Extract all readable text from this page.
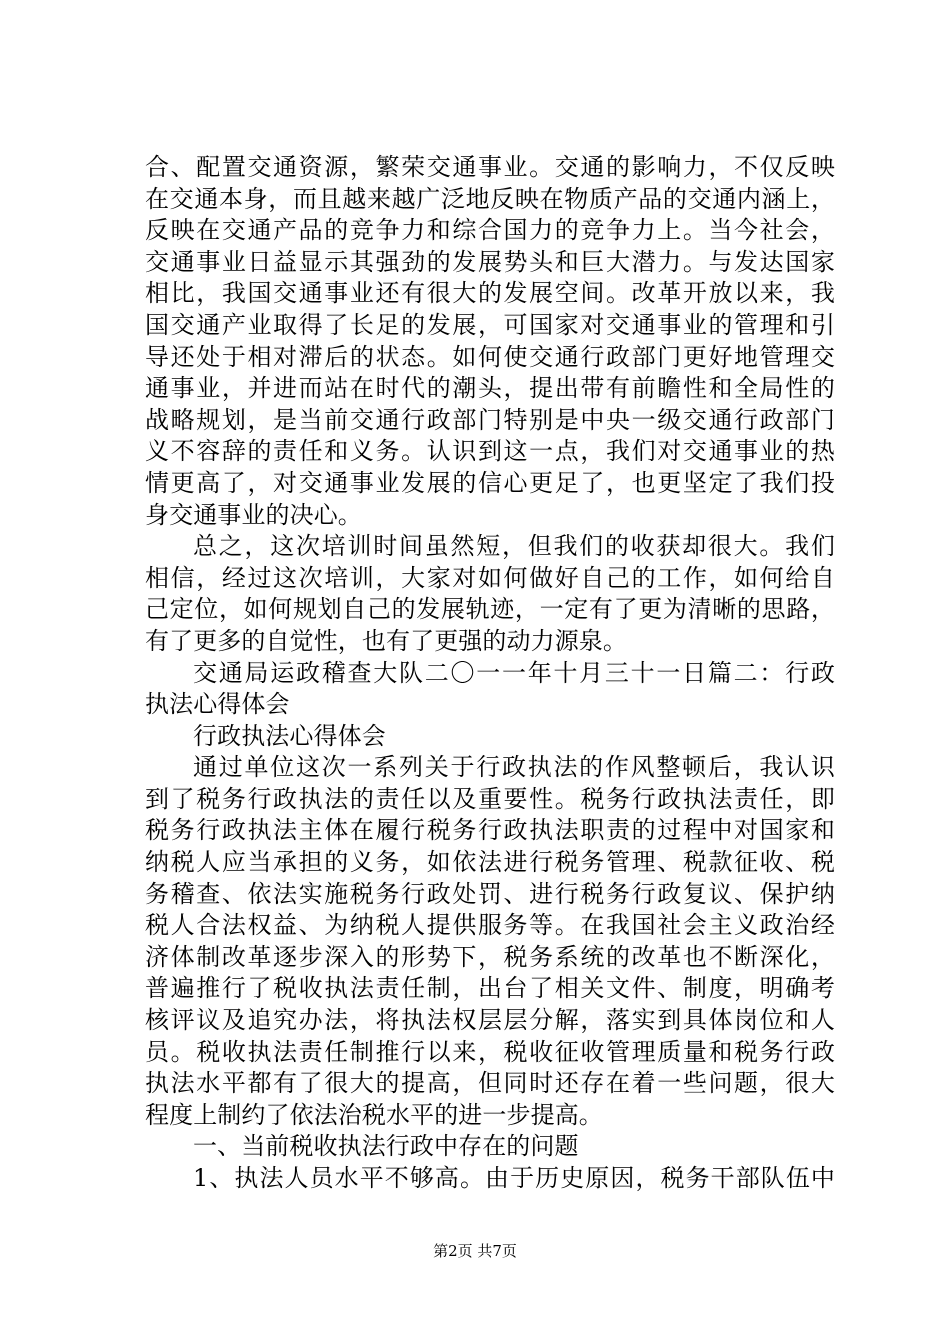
合、配置交通资源，繁荣交通事业。交通的影响力，不仅反映
在交通本身，而且越来越广泛地反映在物质产品的交通内涵上，
反映在交通产品的竞争力和综合国力的竞争力上。当今社会，
交通事业日益显示其强劲的发展势头和巨大潜力。与发达国家
相比，我国交通事业还有很大的发展空间。改革开放以来，我
国交通产业取得了长足的发展，可国家对交通事业的管理和引
导还处于相对滞后的状态。如何使交通行政部门更好地管理交
通事业，并进而站在时代的潮头，提出带有前瞻性和全局性的
战略规划，是当前交通行政部门特别是中央一级交通行政部门
义不容辞的责任和义务。认识到这一点，我们对交通事业的热
情更高了，对交通事业发展的信心更足了，也更坚定了我们投
身交通事业的决心。
总之，这次培训时间虽然短，但我们的收获却很大。我们
相信，经过这次培训，大家对如何做好自己的工作，如何给自
己定位，如何规划自己的发展轨迹，一定有了更为清晰的思路，
有了更多的自觉性，也有了更强的动力源泉。
交通局运政稽查大队二〇一一年十月三十一日篇二：行政
执法心得体会
行政执法心得体会
通过单位这次一系列关于行政执法的作风整顿后，我认识
到了税务行政执法的责任以及重要性。税务行政执法责任，即
税务行政执法主体在履行税务行政执法职责的过程中对国家和
纳税人应当承担的义务，如依法进行税务管理、税款征收、税
务稽查、依法实施税务行政处罚、进行税务行政复议、保护纳
税人合法权益、为纳税人提供服务等。在我国社会主义政治经
济体制改革逐步深入的形势下，税务系统的改革也不断深化，
普遍推行了税收执法责任制，出台了相关文件、制度，明确考
核评议及追究办法，将执法权层层分解，落实到具体岗位和人
员。税收执法责任制推行以来，税收征收管理质量和税务行政
执法水平都有了很大的提高，但同时还存在着一些问题，很大
程度上制约了依法治税水平的进一步提高。
一、当前税收执法行政中存在的问题
1、执法人员水平不够高。由于历史原因，税务干部队伍中
第2页 共7页
